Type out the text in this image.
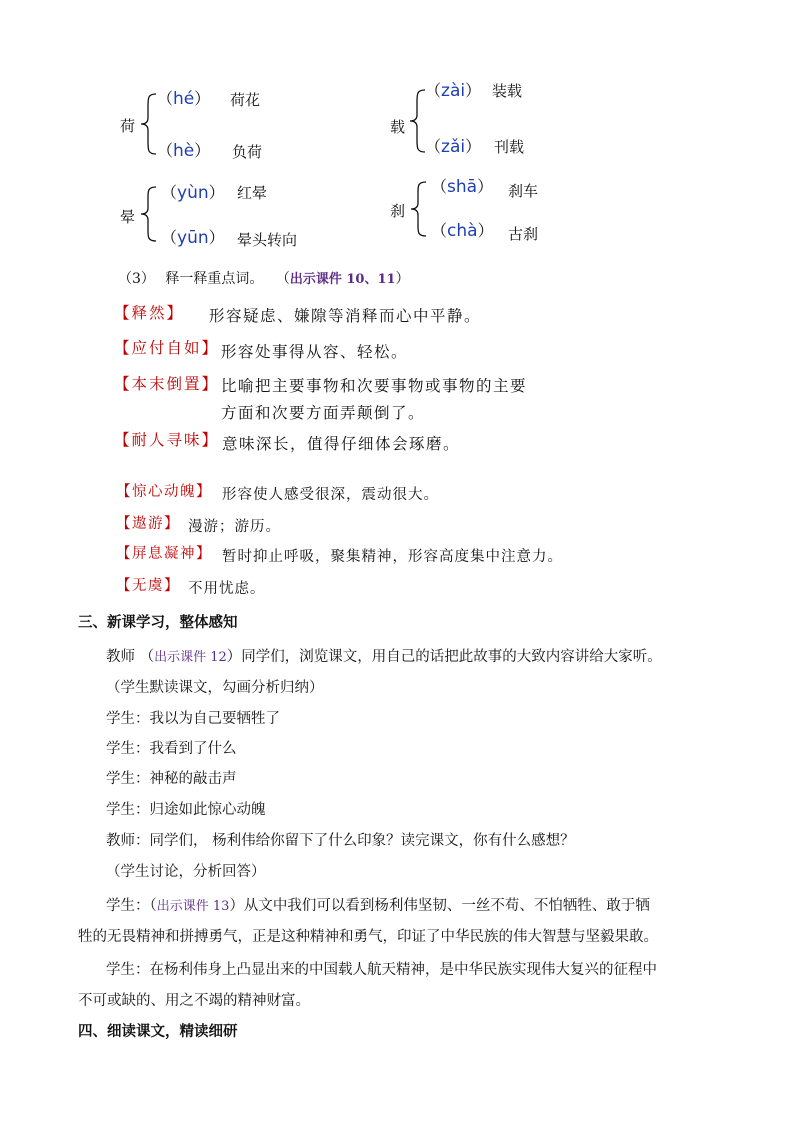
荷
（hé） 荷花
（hè） 负荷
载
（zài） 装载
（zǎi） 刊载
晕
（yùn） 红晕
（yūn） 晕头转向
刹
（shā） 刹车
（chà） 古刹
（3） 释一释重点词。 （出示课件 10、11）
【释然】 形容疑虑、嫌隙等消释而心中平静。
【应付自如】 形容处事得从容、轻松。
【本末倒置】 比喻把主要事物和次要事物或事物的主要
方面和次要方面弄颠倒了。
【耐人寻味】 意味深长，值得仔细体会琢磨。
【惊心动魄】 形容使人感受很深，震动很大。
【遨游】 漫游；游历。
【屏息凝神】 暂时抑止呼吸，聚集精神，形容高度集中注意力。
【无虞】 不用忧虑。
三、新课学习，整体感知
教师 （出示课件 12）同学们，浏览课文，用自己的话把此故事的大致内容讲给大家听。
（学生默读课文，勾画分析归纳）
学生：我以为自己要牺牲了
学生：我看到了什么
学生：神秘的敲击声
学生：归途如此惊心动魄
教师：同学们， 杨利伟给你留下了什么印象？读完课文，你有什么感想？
（学生讨论，分析回答）
学生：（出示课件 13）从文中我们可以看到杨利伟坚韧、一丝不苟、不怕牺牲、敢于牺
牲的无畏精神和拼搏勇气，正是这种精神和勇气，印证了中华民族的伟大智慧与坚毅果敢。
学生：在杨利伟身上凸显出来的中国载人航天精神，是中华民族实现伟大复兴的征程中
不可或缺的、用之不竭的精神财富。
四、细读课文，精读细研
